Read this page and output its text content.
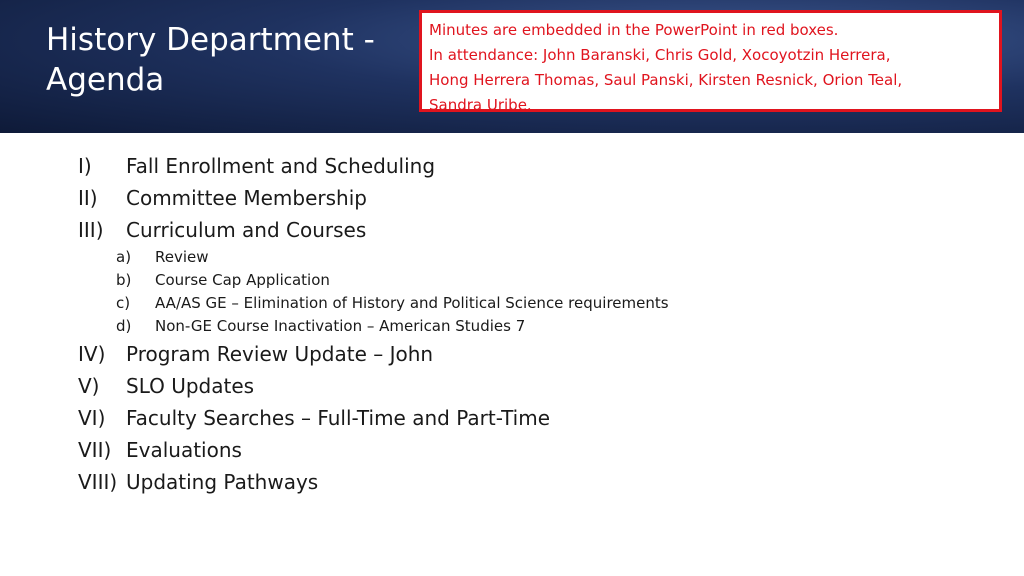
History Department -
Agenda
Minutes are embedded in the PowerPoint in red boxes.
In attendance: John Baranski, Chris Gold, Xocoyotzin Herrera,
Hong Herrera Thomas, Saul Panski, Kirsten Resnick, Orion Teal,
Sandra Uribe.
I)	Fall Enrollment and Scheduling
II)	Committee Membership
III)	Curriculum and Courses
a)	Review
b)	Course Cap Application
c)	AA/AS GE – Elimination of History and Political Science requirements
d)	Non-GE Course Inactivation – American Studies 7
IV)	Program Review Update – John
V)	SLO Updates
VI)	Faculty Searches – Full-Time and Part-Time
VII) Evaluations
VIII) Updating Pathways
